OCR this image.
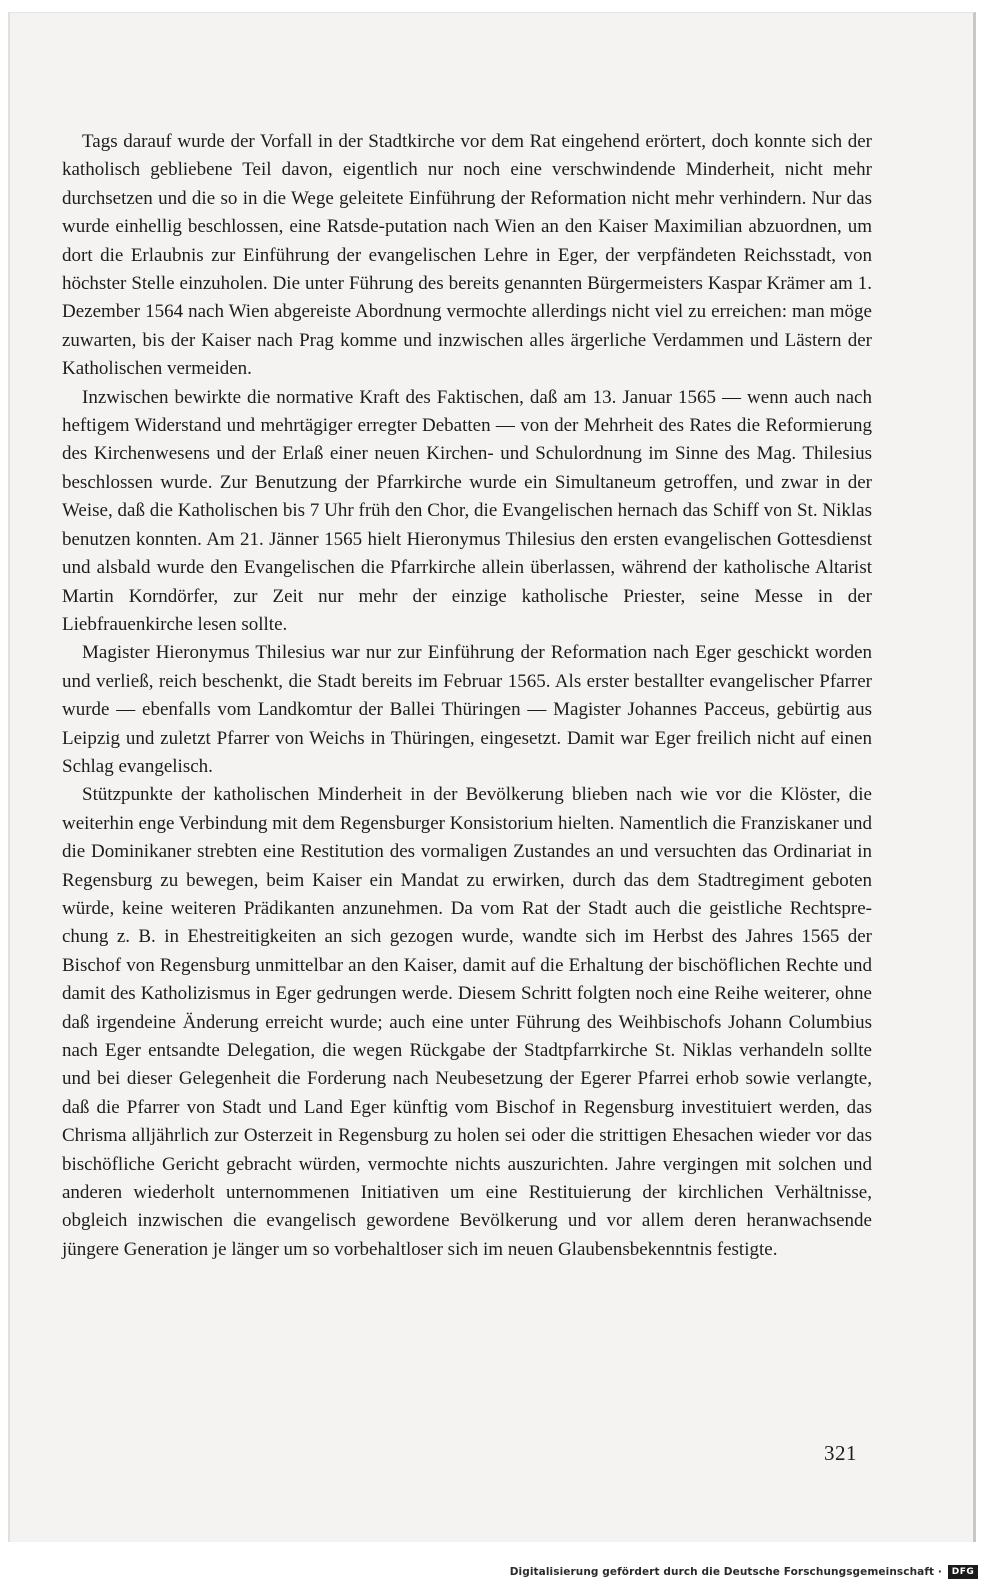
Tags darauf wurde der Vorfall in der Stadtkirche vor dem Rat eingehend erörtert, doch konnte sich der katholisch gebliebene Teil davon, eigentlich nur noch eine verschwindende Minderheit, nicht mehr durchsetzen und die so in die Wege geleitete Einführung der Reformation nicht mehr verhindern. Nur das wurde einhellig beschlossen, eine Ratsde-putation nach Wien an den Kaiser Maximilian abzuordnen, um dort die Erlaubnis zur Einführung der evangelischen Lehre in Eger, der verpfändeten Reichsstadt, von höchster Stelle einzuholen. Die unter Führung des bereits genannten Bürgermeisters Kaspar Krämer am 1. Dezember 1564 nach Wien abgereiste Abordnung vermochte allerdings nicht viel zu erreichen: man möge zuwarten, bis der Kaiser nach Prag komme und inzwischen alles ärgerliche Verdammen und Lästern der Katholischen vermeiden.

Inzwischen bewirkte die normative Kraft des Faktischen, daß am 13. Januar 1565 — wenn auch nach heftigem Widerstand und mehrtägiger erregter Debatten — von der Mehrheit des Rates die Reformierung des Kirchenwesens und der Erlaß einer neuen Kirchen- und Schulordnung im Sinne des Mag. Thilesius beschlossen wurde. Zur Benutzung der Pfarrkirche wurde ein Simultaneum getroffen, und zwar in der Weise, daß die Katholischen bis 7 Uhr früh den Chor, die Evangelischen hernach das Schiff von St. Niklas benutzen konnten. Am 21. Jänner 1565 hielt Hieronymus Thilesius den ersten evangelischen Gottesdienst und alsbald wurde den Evangelischen die Pfarrkirche allein überlassen, während der katholische Altarist Martin Korndörfer, zur Zeit nur mehr der einzige katholische Priester, seine Messe in der Liebfrauenkirche lesen sollte.

Magister Hieronymus Thilesius war nur zur Einführung der Reformation nach Eger geschickt worden und verließ, reich beschenkt, die Stadt bereits im Februar 1565. Als erster bestallter evangelischer Pfarrer wurde — ebenfalls vom Landkomtur der Ballei Thüringen — Magister Johannes Pacceus, gebürtig aus Leipzig und zuletzt Pfarrer von Weichs in Thüringen, eingesetzt. Damit war Eger freilich nicht auf einen Schlag evangelisch.

Stützpunkte der katholischen Minderheit in der Bevölkerung blieben nach wie vor die Klöster, die weiterhin enge Verbindung mit dem Regensburger Konsistorium hielten. Namentlich die Franziskaner und die Dominikaner strebten eine Restitution des vormaligen Zustandes an und versuchten das Ordinariat in Regensburg zu bewegen, beim Kaiser ein Mandat zu erwirken, durch das dem Stadtregiment geboten würde, keine weiteren Prädikanten anzunehmen. Da vom Rat der Stadt auch die geistliche Rechtspre-chung z. B. in Ehestreitigkeiten an sich gezogen wurde, wandte sich im Herbst des Jahres 1565 der Bischof von Regensburg unmittelbar an den Kaiser, damit auf die Erhaltung der bischöflichen Rechte und damit des Katholizismus in Eger gedrungen werde. Diesem Schritt folgten noch eine Reihe weiterer, ohne daß irgendeine Änderung erreicht wurde; auch eine unter Führung des Weihbischofs Johann Columbius nach Eger entsandte Delegation, die wegen Rückgabe der Stadtpfarrkirche St. Niklas verhandeln sollte und bei dieser Gelegenheit die Forderung nach Neubesetzung der Egerer Pfarrei erhob sowie verlangte, daß die Pfarrer von Stadt und Land Eger künftig vom Bischof in Regensburg investituiert werden, das Chrisma alljährlich zur Osterzeit in Regensburg zu holen sei oder die strittigen Ehesachen wieder vor das bischöfliche Gericht gebracht würden, vermochte nichts auszurichten. Jahre vergingen mit solchen und anderen wiederholt unternommenen Initiativen um eine Restituierung der kirchlichen Verhältnisse, obgleich inzwischen die evangelisch gewordene Bevölkerung und vor allem deren heranwachsende jüngere Generation je länger um so vorbehaltloser sich im neuen Glaubensbekenntnis festigte.

321
Digitalisierung gefördert durch die Deutsche Forschungsgemeinschaft ·	DFG
